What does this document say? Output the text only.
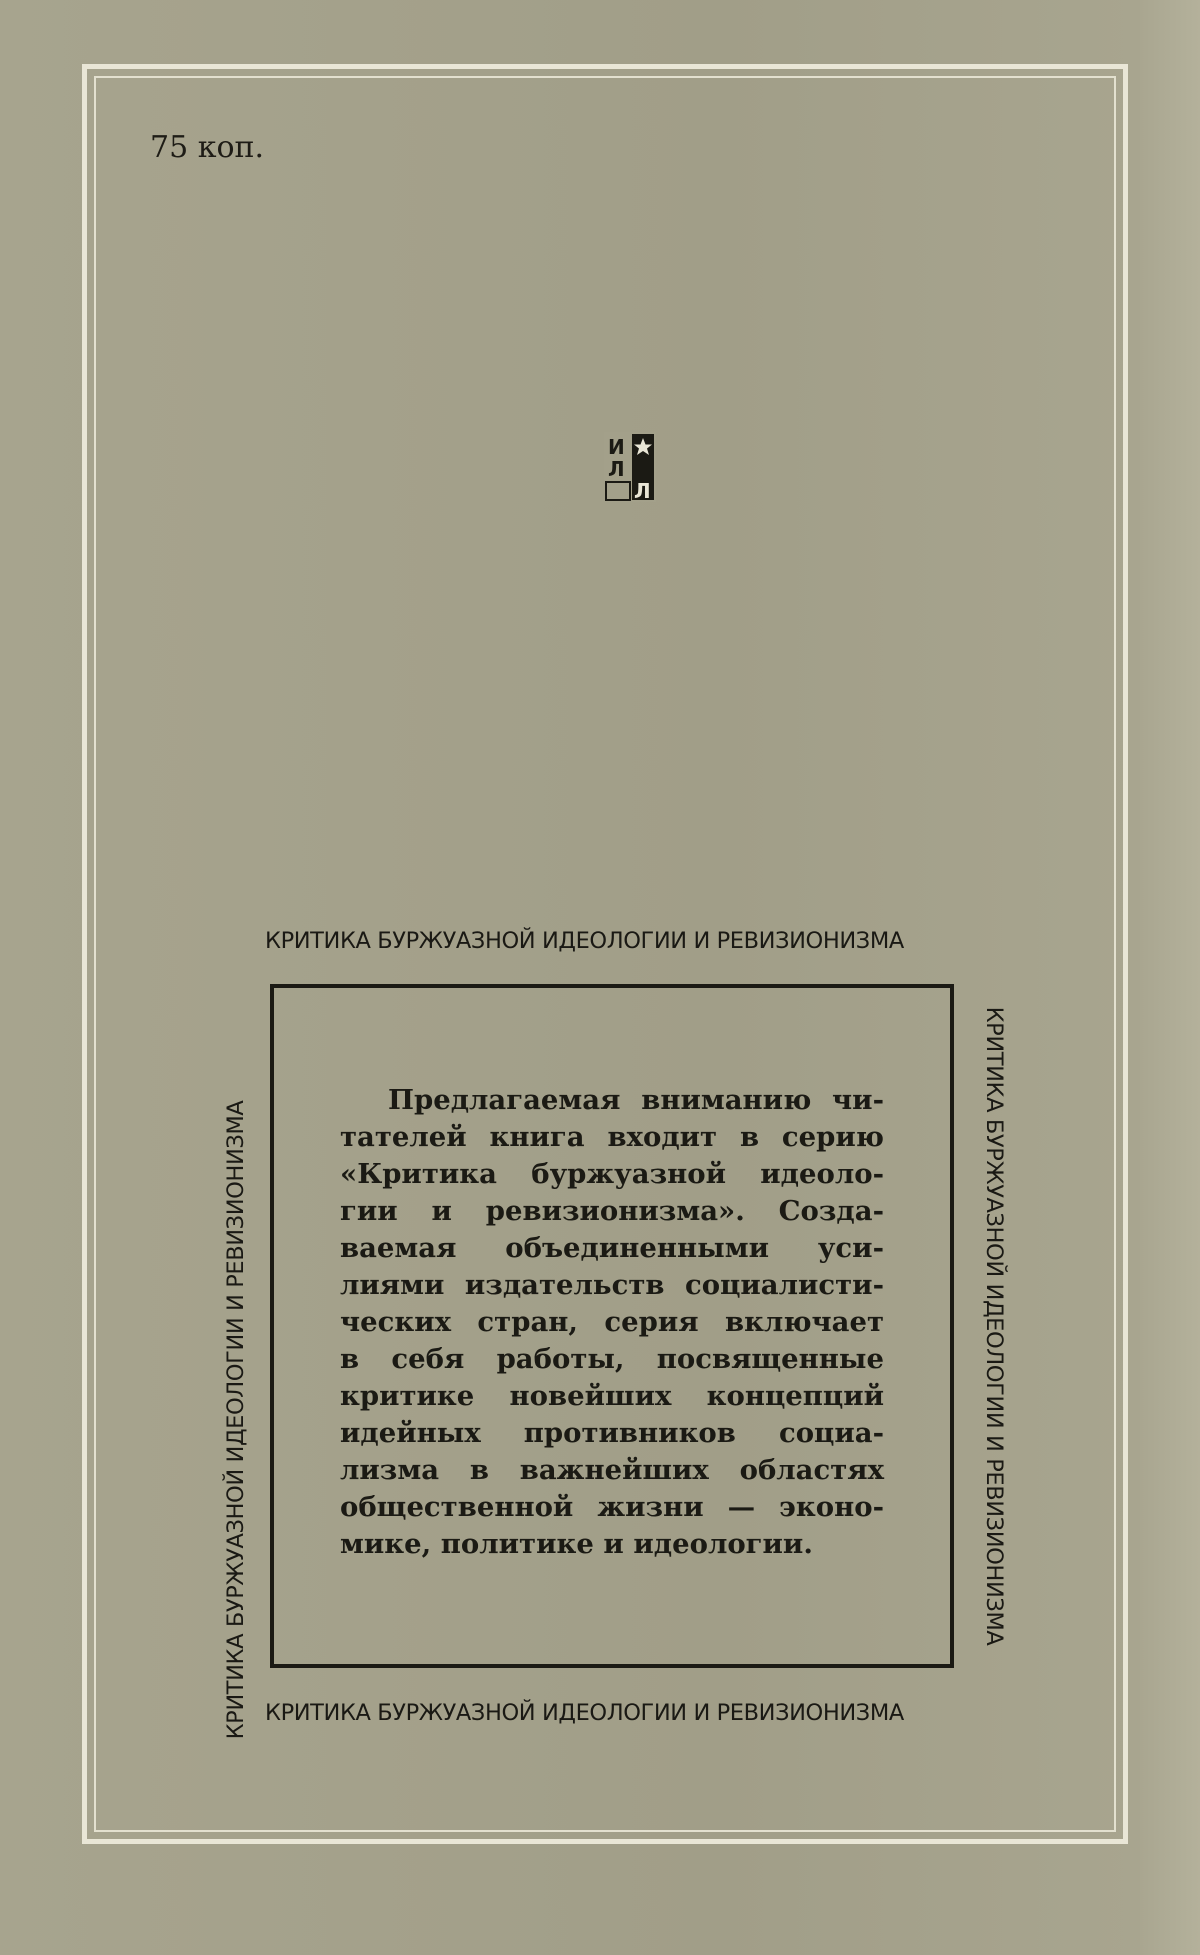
75 коп.
И
Л
Л
КРИТИКА БУРЖУАЗНОЙ ИДЕОЛОГИИ И РЕВИЗИОНИЗМА
КРИТИКА БУРЖУАЗНОЙ ИДЕОЛОГИИ И РЕВИЗИОНИЗМА	КРИТИКА БУРЖУАЗНОЙ ИДЕОЛОГИИ И РЕВИЗИОНИЗМА
КРИТИКА БУРЖУАЗНОЙ ИДЕОЛОГИИ И РЕВИЗИОНИЗМА
Предлагаемая вниманию чи-
тателей книга входит в серию
«Критика буржуазной идеоло-
гии и ревизионизма». Созда-
ваемая объединенными уси-
лиями издательств социалисти-
ческих стран, серия включает
в себя работы, посвященные
критике новейших концепций
идейных противников социа-
лизма в важнейших областях
общественной жизни — эконо-
мике, политике и идеологии.
